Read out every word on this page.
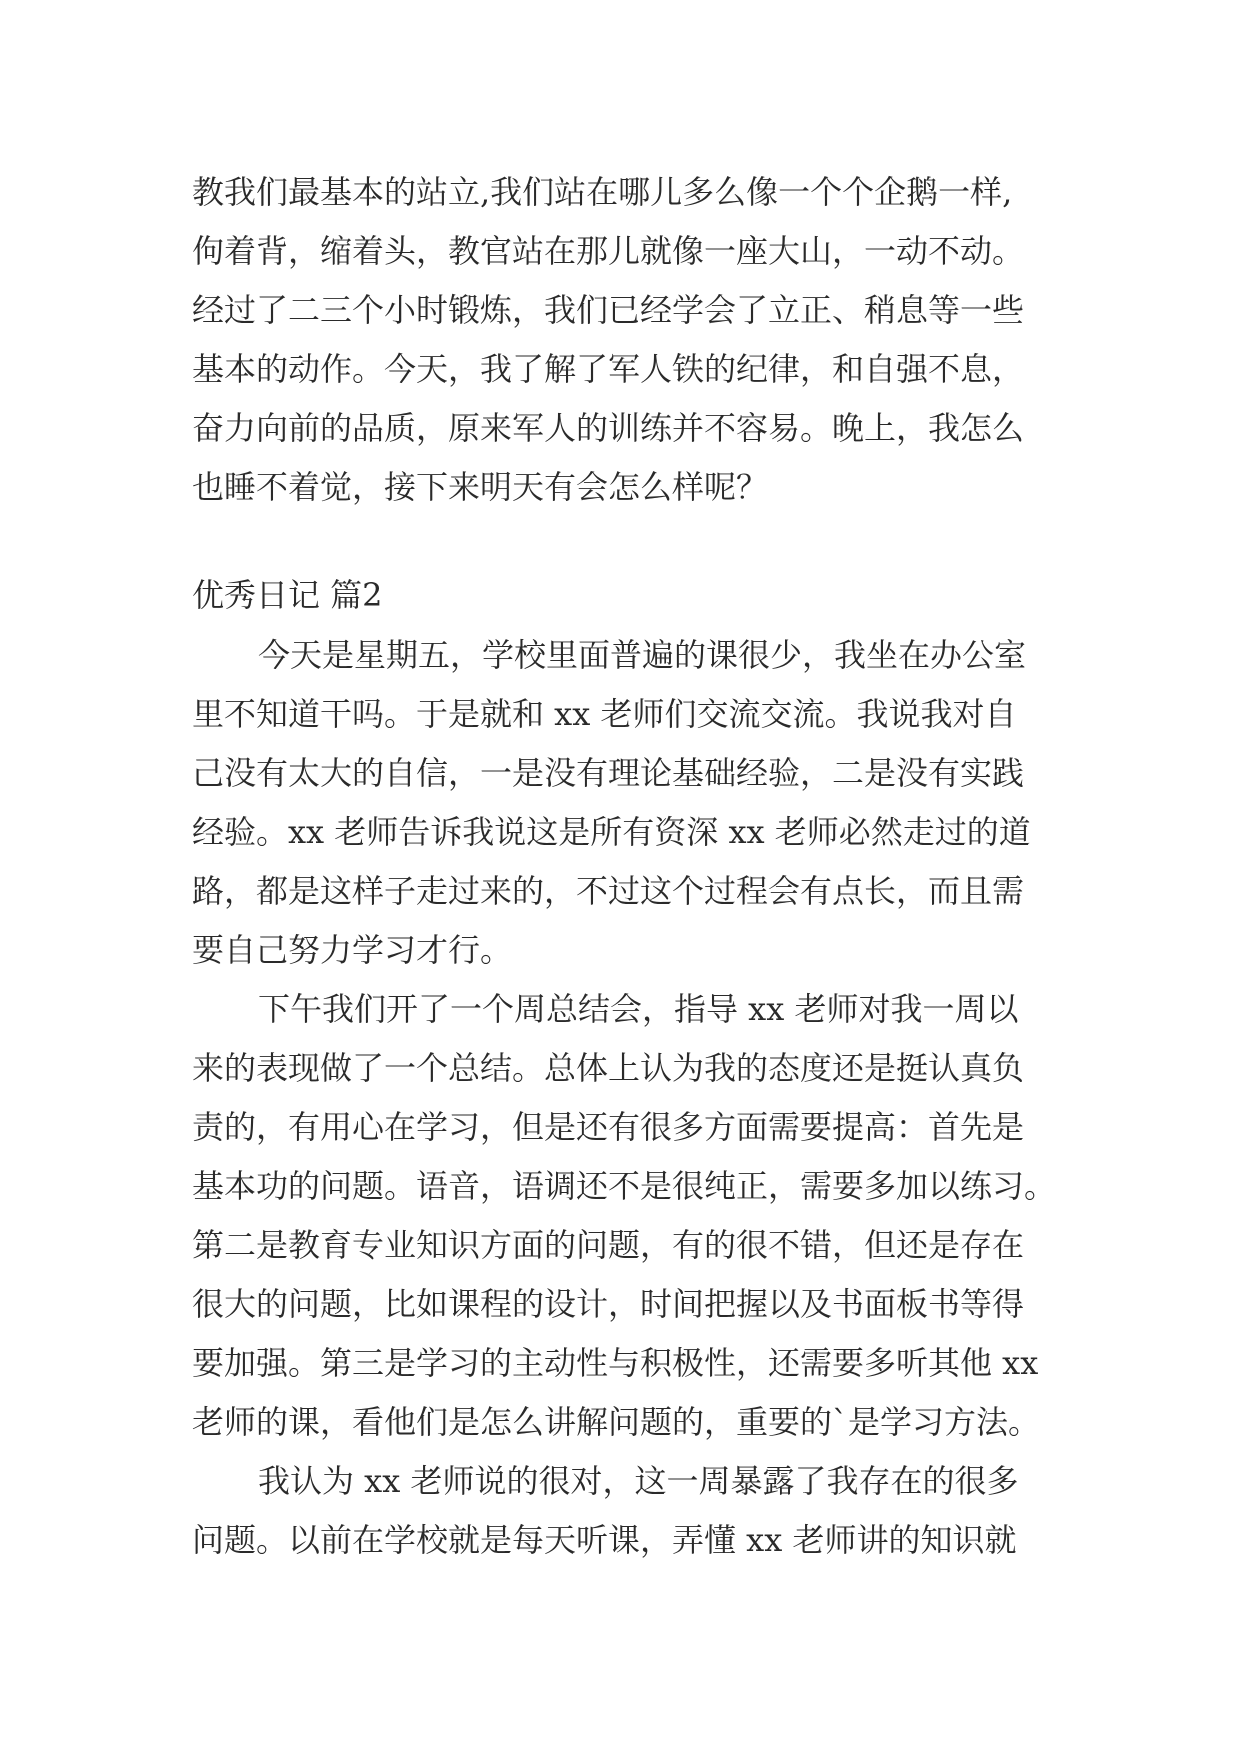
教我们最基本的站立,我们站在哪儿多么像一个个企鹅一样,
佝着背，缩着头，教官站在那儿就像一座大山，一动不动。
经过了二三个小时锻炼，我们已经学会了立正、稍息等一些
基本的动作。今天，我了解了军人铁的纪律，和自强不息，
奋力向前的品质，原来军人的训练并不容易。晚上，我怎么
也睡不着觉，接下来明天有会怎么样呢？
优秀日记 篇2
今天是星期五，学校里面普遍的课很少，我坐在办公室
里不知道干吗。于是就和 xx 老师们交流交流。我说我对自
己没有太大的自信，一是没有理论基础经验，二是没有实践
经验。xx 老师告诉我说这是所有资深 xx 老师必然走过的道
路，都是这样子走过来的，不过这个过程会有点长，而且需
要自己努力学习才行。
下午我们开了一个周总结会，指导 xx 老师对我一周以
来的表现做了一个总结。总体上认为我的态度还是挺认真负
责的，有用心在学习，但是还有很多方面需要提高：首先是
基本功的问题。语音，语调还不是很纯正，需要多加以练习。
第二是教育专业知识方面的问题，有的很不错，但还是存在
很大的问题，比如课程的设计，时间把握以及书面板书等得
要加强。第三是学习的主动性与积极性，还需要多听其他 xx
老师的课，看他们是怎么讲解问题的，重要的`是学习方法。
我认为 xx 老师说的很对，这一周暴露了我存在的很多
问题。以前在学校就是每天听课，弄懂 xx 老师讲的知识就
